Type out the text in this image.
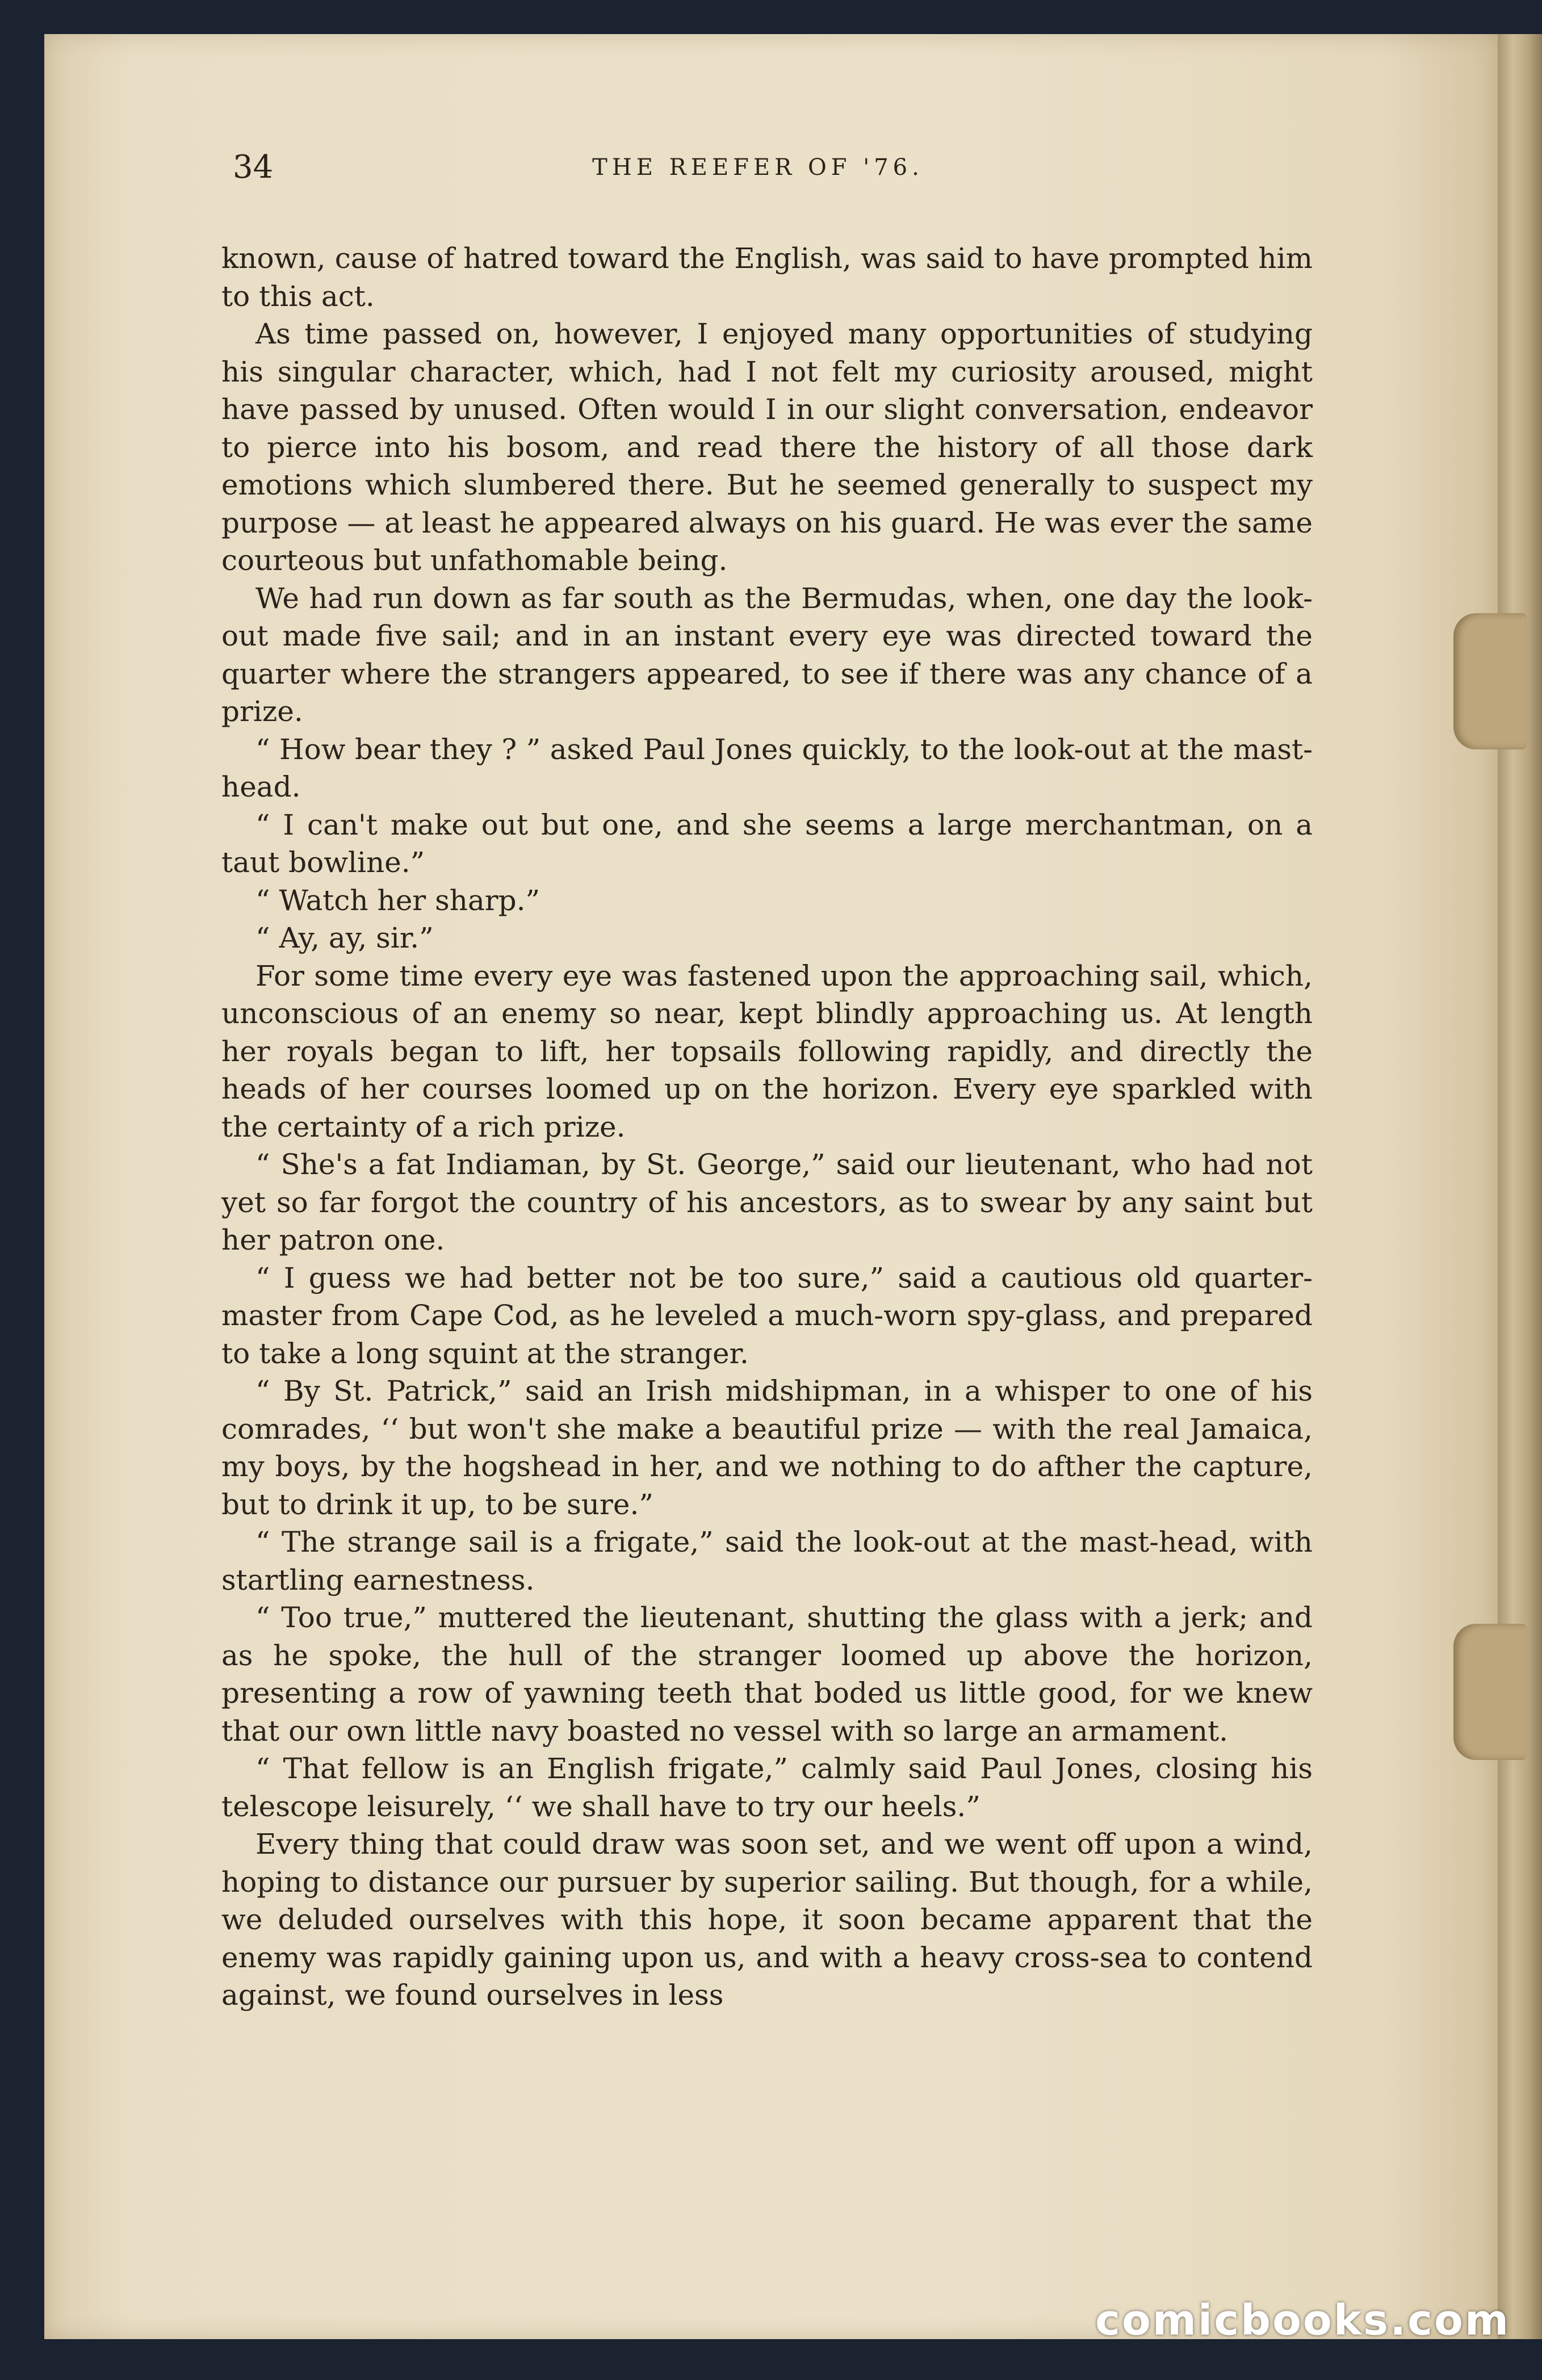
34	THE REEFER OF '76.

known, cause of hatred toward the English, was said to have prompted him to this act.

As time passed on, however, I enjoyed many opportunities of studying his singular character, which, had I not felt my curiosity aroused, might have passed by unused. Often would I in our slight conversation, endeavor to pierce into his bosom, and read there the history of all those dark emotions which slumbered there. But he seemed generally to suspect my purpose — at least he appeared always on his guard. He was ever the same courteous but unfathomable being.

We had run down as far south as the Bermudas, when, one day the look-out made five sail; and in an instant every eye was directed toward the quarter where the strangers appeared, to see if there was any chance of a prize.

“ How bear they ? ” asked Paul Jones quickly, to the look-out at the mast-head.

“ I can't make out but one, and she seems a large merchantman, on a taut bowline.”

“ Watch her sharp.”

“ Ay, ay, sir.”

For some time every eye was fastened upon the approaching sail, which, unconscious of an enemy so near, kept blindly approaching us. At length her royals began to lift, her topsails following rapidly, and directly the heads of her courses loomed up on the horizon. Every eye sparkled with the certainty of a rich prize.

“ She's a fat Indiaman, by St. George,” said our lieutenant, who had not yet so far forgot the country of his ancestors, as to swear by any saint but her patron one.

“ I guess we had better not be too sure,” said a cautious old quarter-master from Cape Cod, as he leveled a much-worn spy-glass, and prepared to take a long squint at the stranger.

“ By St. Patrick,” said an Irish midshipman, in a whisper to one of his comrades, ‘‘ but won't she make a beautiful prize — with the real Jamaica, my boys, by the hogshead in her, and we nothing to do afther the capture, but to drink it up, to be sure.”

“ The strange sail is a frigate,” said the look-out at the mast-head, with startling earnestness.

“ Too true,” muttered the lieutenant, shutting the glass with a jerk; and as he spoke, the hull of the stranger loomed up above the horizon, presenting a row of yawning teeth that boded us little good, for we knew that our own little navy boasted no vessel with so large an armament.

“ That fellow is an English frigate,” calmly said Paul Jones, closing his telescope leisurely, ‘‘ we shall have to try our heels.”

Every thing that could draw was soon set, and we went off upon a wind, hoping to distance our pursuer by superior sailing. But though, for a while, we deluded ourselves with this hope, it soon became apparent that the enemy was rapidly gaining upon us, and with a heavy cross-sea to contend against, we found ourselves in less

comicbooks.com
